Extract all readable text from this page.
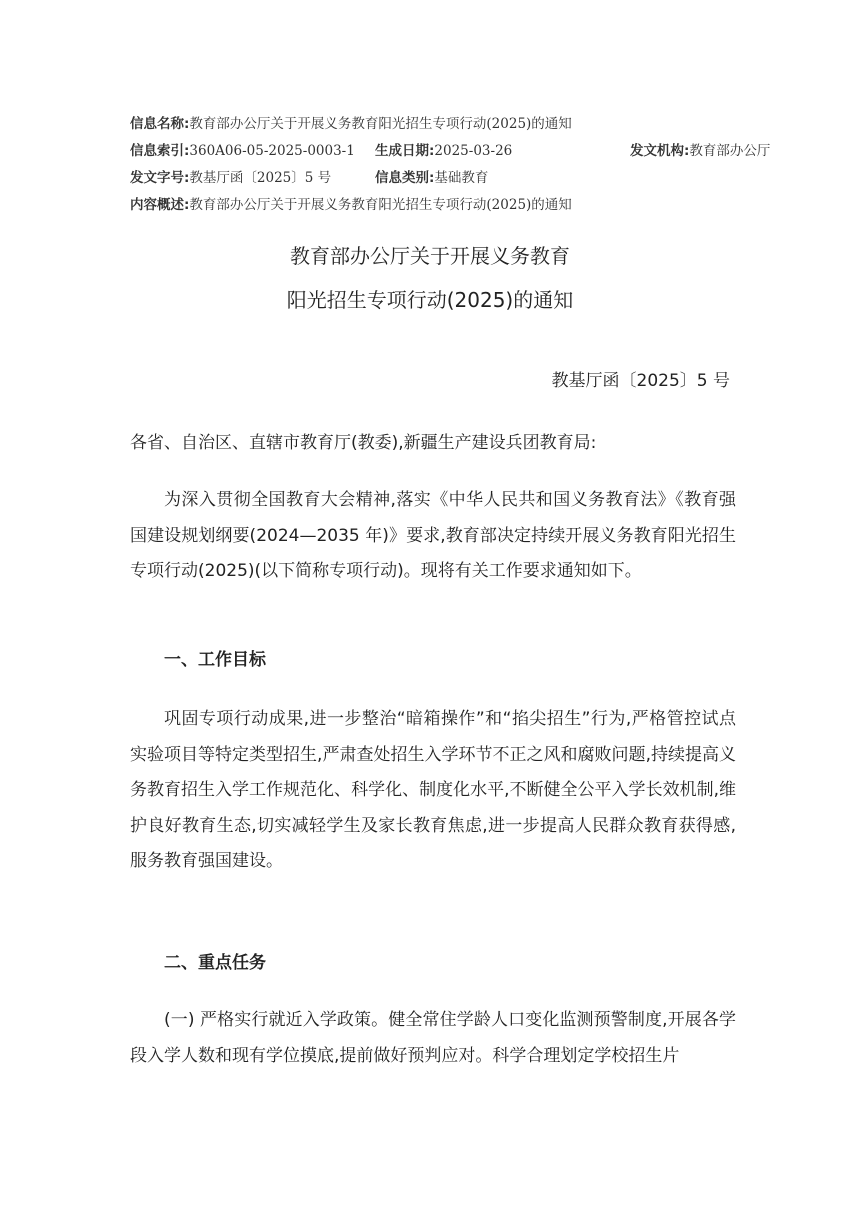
信息名称:教育部办公厅关于开展义务教育阳光招生专项行动(2025)的通知
信息索引:360A06-05-2025-0003-1 生成日期:2025-03-26	发文机构:教育部办公厅
发文字号:教基厅函〔2025〕5 号	信息类别:基础教育
内容概述:教育部办公厅关于开展义务教育阳光招生专项行动(2025)的通知
教育部办公厅关于开展义务教育
阳光招生专项行动(2025)的通知
教基厅函〔2025〕5 号
各省、自治区、直辖市教育厅(教委),新疆生产建设兵团教育局:

为深入贯彻全国教育大会精神,落实《中华人民共和国义务教育法》《教育强国建设规划纲要(2024—2035 年)》要求,教育部决定持续开展义务教育阳光招生专项行动(2025)(以下简称专项行动)。现将有关工作要求通知如下。

一、工作目标

巩固专项行动成果,进一步整治“暗箱操作”和“掐尖招生”行为,严格管控试点实验项目等特定类型招生,严肃查处招生入学环节不正之风和腐败问题,持续提高义务教育招生入学工作规范化、科学化、制度化水平,不断健全公平入学长效机制,维护良好教育生态,切实减轻学生及家长教育焦虑,进一步提高人民群众教育获得感,服务教育强国建设。

二、重点任务

(一) 严格实行就近入学政策。健全常住学龄人口变化监测预警制度,开展各学段入学人数和现有学位摸底,提前做好预判应对。科学合理划定学校招生片
